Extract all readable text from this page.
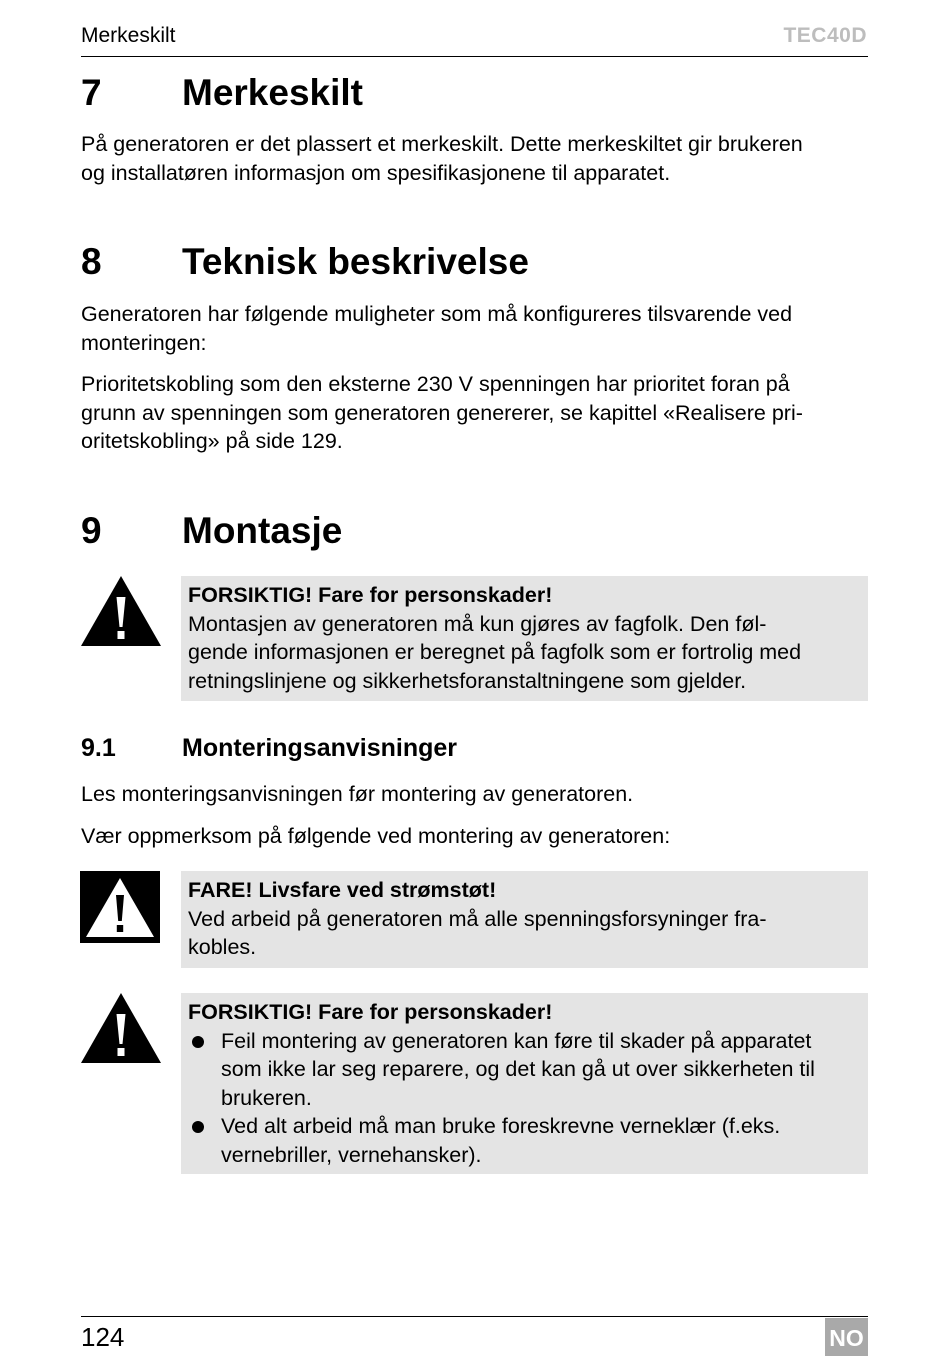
Merkeskilt	TEC40D
7 Merkeskilt
På generatoren er det plassert et merkeskilt. Dette merkeskiltet gir brukeren
og installatøren informasjon om spesifikasjonene til apparatet.
8 Teknisk beskrivelse
Generatoren har følgende muligheter som må konfigureres tilsvarende ved
monteringen:
Prioritetskobling som den eksterne 230 V spenningen har prioritet foran på
grunn av spenningen som generatoren genererer, se kapittel «Realisere pri-
oritetskobling» på side 129.
9 Montasje
FORSIKTIG! Fare for personskader!
Montasjen av generatoren må kun gjøres av fagfolk. Den føl-
gende informasjonen er beregnet på fagfolk som er fortrolig med
retningslinjene og sikkerhetsforanstaltningene som gjelder.
9.1	Monteringsanvisninger
Les monteringsanvisningen før montering av generatoren.
Vær oppmerksom på følgende ved montering av generatoren:
FARE! Livsfare ved strømstøt!
Ved arbeid på generatoren må alle spenningsforsyninger fra-
kobles.
FORSIKTIG! Fare for personskader!
Feil montering av generatoren kan føre til skader på apparatet
som ikke lar seg reparere, og det kan gå ut over sikkerheten til
brukeren.
Ved alt arbeid må man bruke foreskrevne verneklær (f.eks.
vernebriller, vernehansker).
124	NO
